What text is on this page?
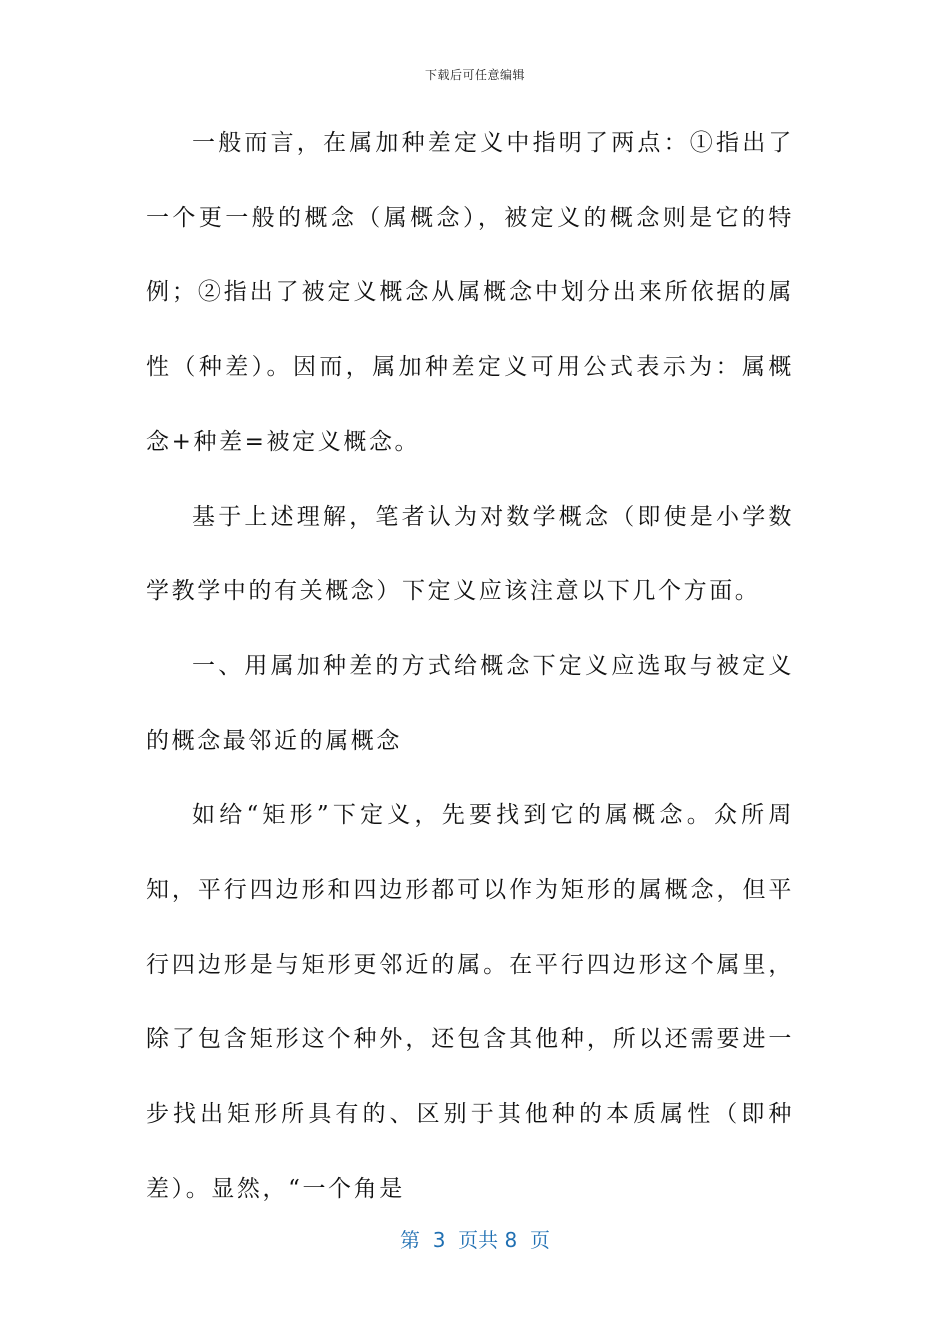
下载后可任意编辑

一般而言，在属加种差定义中指明了两点：①指出了一个更一般的概念（属概念），被定义的概念则是它的特例；②指出了被定义概念从属概念中划分出来所依据的属性（种差）。因而，属加种差定义可用公式表示为：属概念+种差=被定义概念。

基于上述理解，笔者认为对数学概念（即使是小学数学教学中的有关概念）下定义应该注意以下几个方面。

一、用属加种差的方式给概念下定义应选取与被定义的概念最邻近的属概念

如给“矩形”下定义，先要找到它的属概念。众所周知，平行四边形和四边形都可以作为矩形的属概念，但平行四边形是与矩形更邻近的属。在平行四边形这个属里，除了包含矩形这个种外，还包含其他种，所以还需要进一步找出矩形所具有的、区别于其他种的本质属性（即种差）。显然，“一个角是

第  3  页共 8  页
